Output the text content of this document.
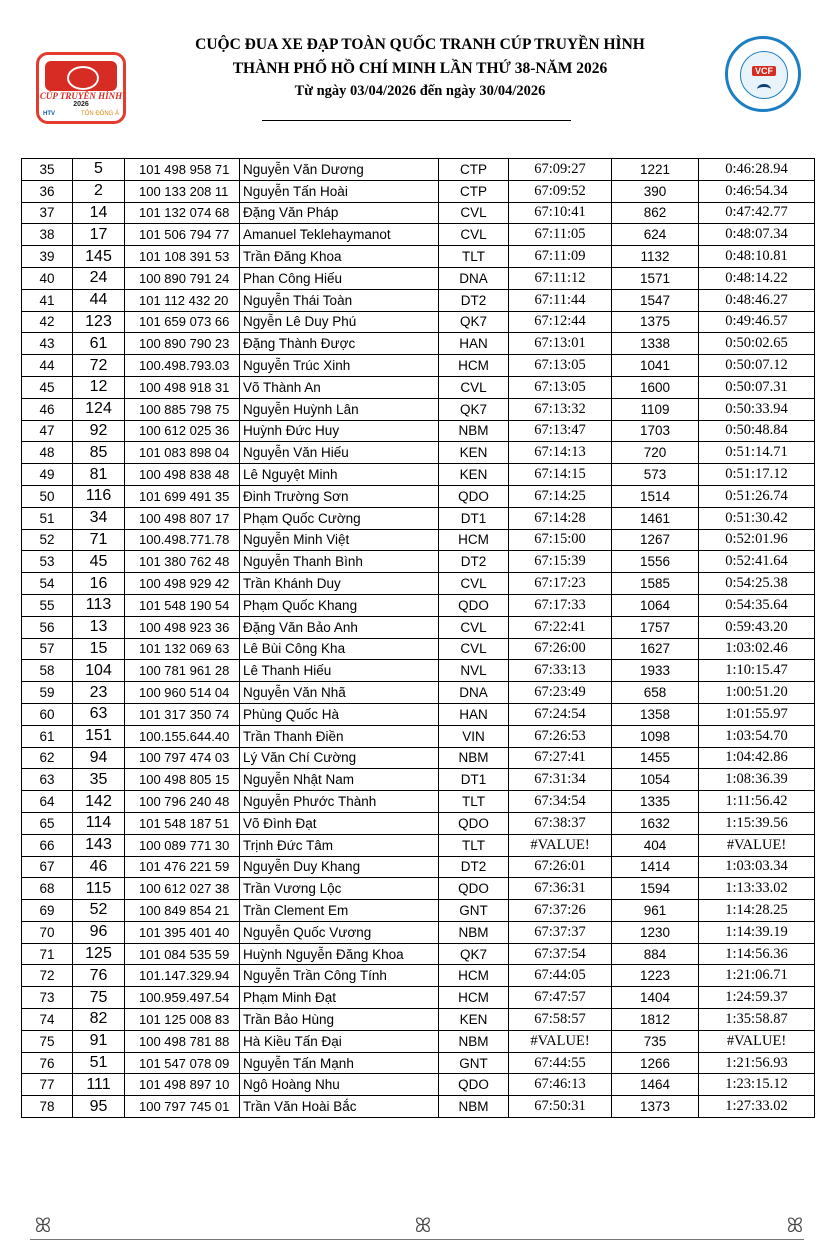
CÚP TRUYỀN HÌNH
2026
HTV	TÔN ĐÔNG Á
CUỘC ĐUA XE ĐẠP TOÀN QUỐC TRANH CÚP TRUYỀN HÌNH
THÀNH PHỐ HỒ CHÍ MINH LẦN THỨ 38-NĂM 2026
Từ ngày 03/04/2026 đến ngày 30/04/2026
VCF
35	5	101 498 958 71	Nguyễn Văn Dương	CTP	67:09:27	1221	0:46:28.94
36	2	100 133 208 11	Nguyễn Tấn Hoài	CTP	67:09:52	390	0:46:54.34
37	14	101 132 074 68	Đặng Văn Pháp	CVL	67:10:41	862	0:47:42.77
38	17	101 506 794 77	Amanuel Teklehaymanot	CVL	67:11:05	624	0:48:07.34
39	145	101 108 391 53	Trần Đăng Khoa	TLT	67:11:09	1132	0:48:10.81
40	24	100 890 791 24	Phan Công Hiếu	DNA	67:11:12	1571	0:48:14.22
41	44	101 112 432 20	Nguyễn Thái Toàn	DT2	67:11:44	1547	0:48:46.27
42	123	101 659 073 66	Ngyễn Lê Duy Phú	QK7	67:12:44	1375	0:49:46.57
43	61	100 890 790 23	Đặng Thành Được	HAN	67:13:01	1338	0:50:02.65
44	72	100.498.793.03	Nguyễn Trúc Xinh	HCM	67:13:05	1041	0:50:07.12
45	12	100 498 918 31	Võ Thành An	CVL	67:13:05	1600	0:50:07.31
46	124	100 885 798 75	Nguyễn Huỳnh Lân	QK7	67:13:32	1109	0:50:33.94
47	92	100 612 025 36	Huỳnh Đức Huy	NBM	67:13:47	1703	0:50:48.84
48	85	101 083 898 04	Nguyễn Văn Hiếu	KEN	67:14:13	720	0:51:14.71
49	81	100 498 838 48	Lê Nguyệt Minh	KEN	67:14:15	573	0:51:17.12
50	116	101 699 491 35	Đinh Trường Sơn	QDO	67:14:25	1514	0:51:26.74
51	34	100 498 807 17	Phạm Quốc Cường	DT1	67:14:28	1461	0:51:30.42
52	71	100.498.771.78	Nguyễn Minh Việt	HCM	67:15:00	1267	0:52:01.96
53	45	101 380 762 48	Nguyễn Thanh Bình	DT2	67:15:39	1556	0:52:41.64
54	16	100 498 929 42	Trần Khánh Duy	CVL	67:17:23	1585	0:54:25.38
55	113	101 548 190 54	Phạm Quốc Khang	QDO	67:17:33	1064	0:54:35.64
56	13	100 498 923 36	Đặng Văn Bảo Anh	CVL	67:22:41	1757	0:59:43.20
57	15	101 132 069 63	Lê Bùi Công Kha	CVL	67:26:00	1627	1:03:02.46
58	104	100 781 961 28	Lê Thanh Hiếu	NVL	67:33:13	1933	1:10:15.47
59	23	100 960 514 04	Nguyễn Văn Nhã	DNA	67:23:49	658	1:00:51.20
60	63	101 317 350 74	Phùng Quốc Hà	HAN	67:24:54	1358	1:01:55.97
61	151	100.155.644.40	Trần Thanh Điền	VIN	67:26:53	1098	1:03:54.70
62	94	100 797 474 03	Lý Văn Chí Cường	NBM	67:27:41	1455	1:04:42.86
63	35	100 498 805 15	Nguyễn Nhật Nam	DT1	67:31:34	1054	1:08:36.39
64	142	100 796 240 48	Nguyễn Phước Thành	TLT	67:34:54	1335	1:11:56.42
65	114	101 548 187 51	Võ Đình Đạt	QDO	67:38:37	1632	1:15:39.56
66	143	100 089 771 30	Trịnh Đức Tâm	TLT	#VALUE!	404	#VALUE!
67	46	101 476 221 59	Nguyễn Duy Khang	DT2	67:26:01	1414	1:03:03.34
68	115	100 612 027 38	Trần Vương Lộc	QDO	67:36:31	1594	1:13:33.02
69	52	100 849 854 21	Trần Clement Em	GNT	67:37:26	961	1:14:28.25
70	96	101 395 401 40	Nguyễn Quốc Vương	NBM	67:37:37	1230	1:14:39.19
71	125	101 084 535 59	Huỳnh Nguyễn Đăng Khoa	QK7	67:37:54	884	1:14:56.36
72	76	101.147.329.94	Nguyễn Trần Công Tính	HCM	67:44:05	1223	1:21:06.71
73	75	100.959.497.54	Phạm Minh Đạt	HCM	67:47:57	1404	1:24:59.37
74	82	101 125 008 83	Trần Bảo Hùng	KEN	67:58:57	1812	1:35:58.87
75	91	100 498 781 88	Hà Kiều Tấn Đại	NBM	#VALUE!	735	#VALUE!
76	51	101 547 078 09	Nguyễn Tấn Mạnh	GNT	67:44:55	1266	1:21:56.93
77	111	101 498 897 10	Ngô Hoàng Nhu	QDO	67:46:13	1464	1:23:15.12
78	95	100 797 745 01	Trần Văn Hoài Bắc	NBM	67:50:31	1373	1:27:33.02
ꕤ	ꕤ	ꕤ
